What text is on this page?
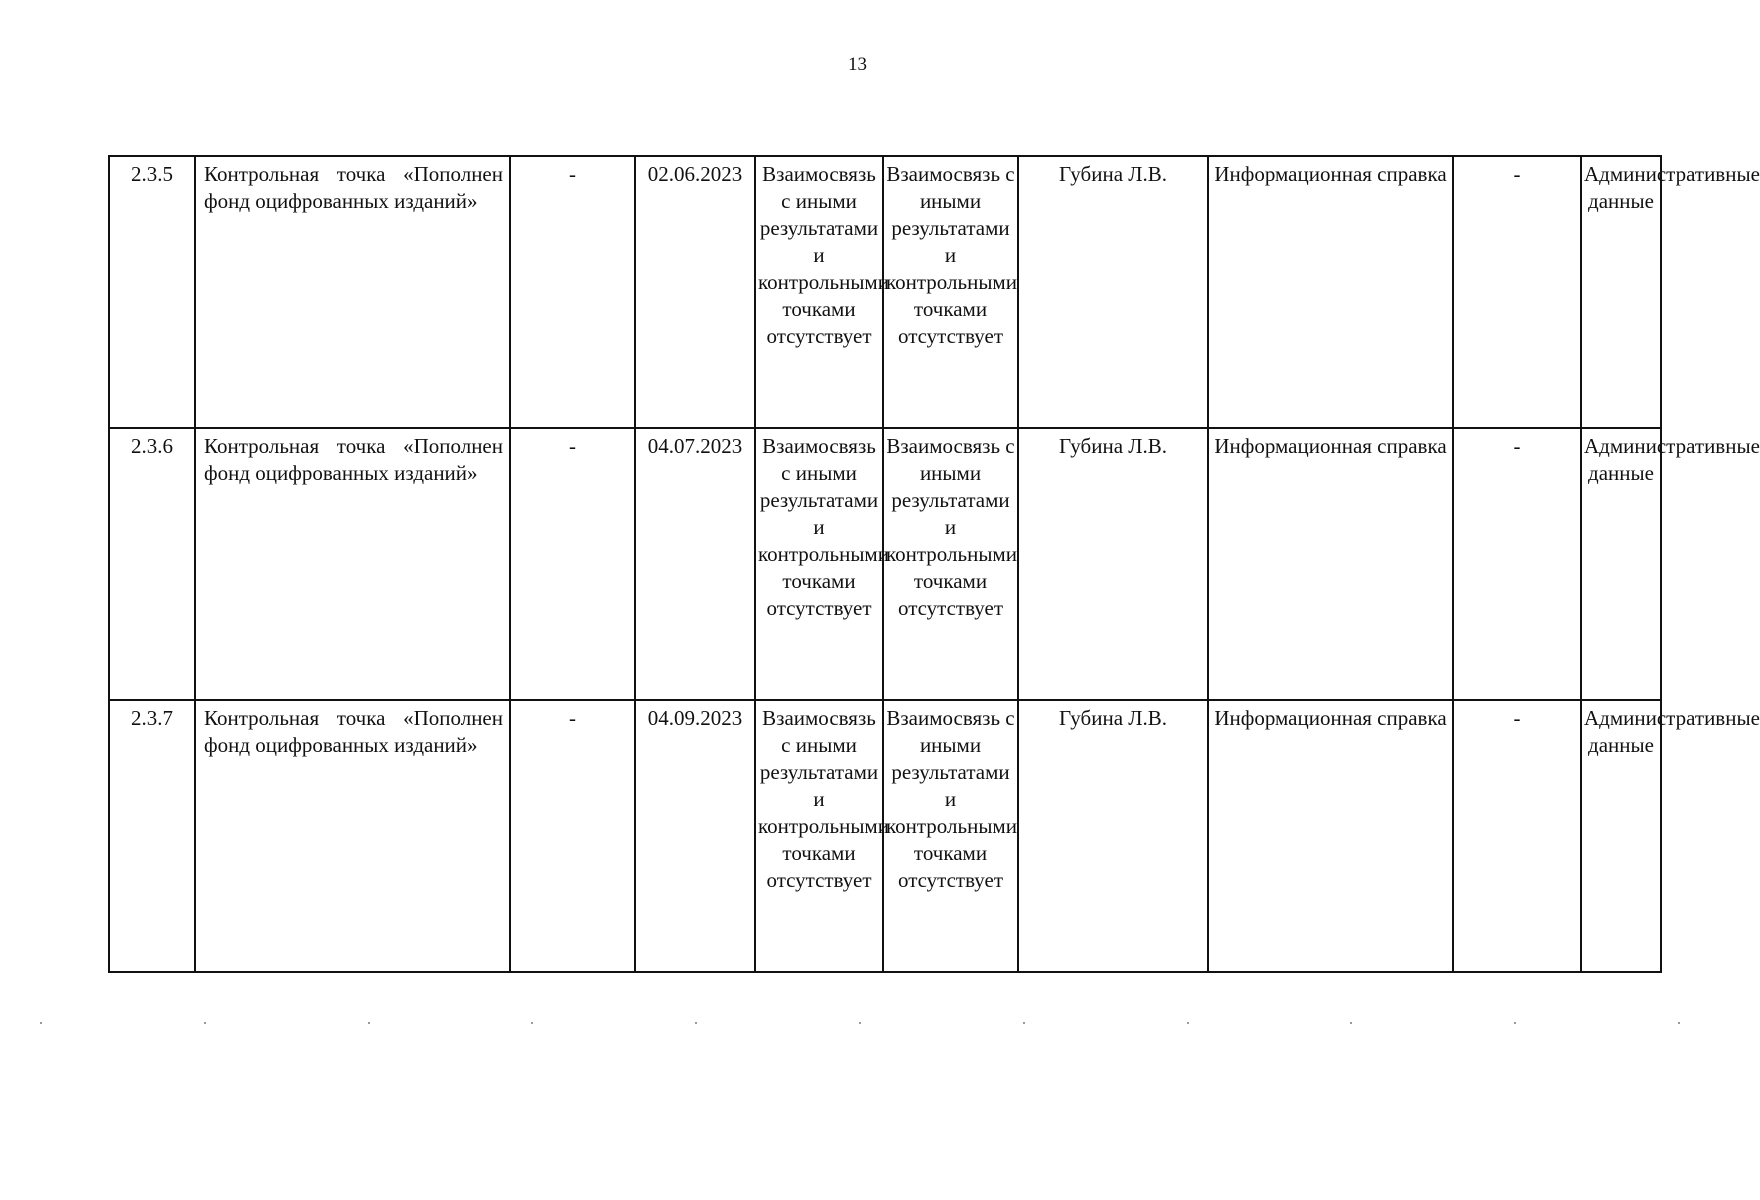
13
2.3.5	Контрольная точка «Пополнен фонд оцифрованных изданий»	-	02.06.2023	Взаимосвязь с иными результатами и контрольными точками отсутствует	Взаимосвязь с иными результатами и контрольными точками отсутствует	Губина Л.В.	Информационная справка	-	Административные данные
2.3.6	Контрольная точка «Пополнен фонд оцифрованных изданий»	-	04.07.2023	Взаимосвязь с иными результатами и контрольными точками отсутствует	Взаимосвязь с иными результатами и контрольными точками отсутствует	Губина Л.В.	Информационная справка	-	Административные данные
2.3.7	Контрольная точка «Пополнен фонд оцифрованных изданий»	-	04.09.2023	Взаимосвязь с иными результатами и контрольными точками отсутствует	Взаимосвязь с иными результатами и контрольными точками отсутствует	Губина Л.В.	Информационная справка	-	Административные данные
